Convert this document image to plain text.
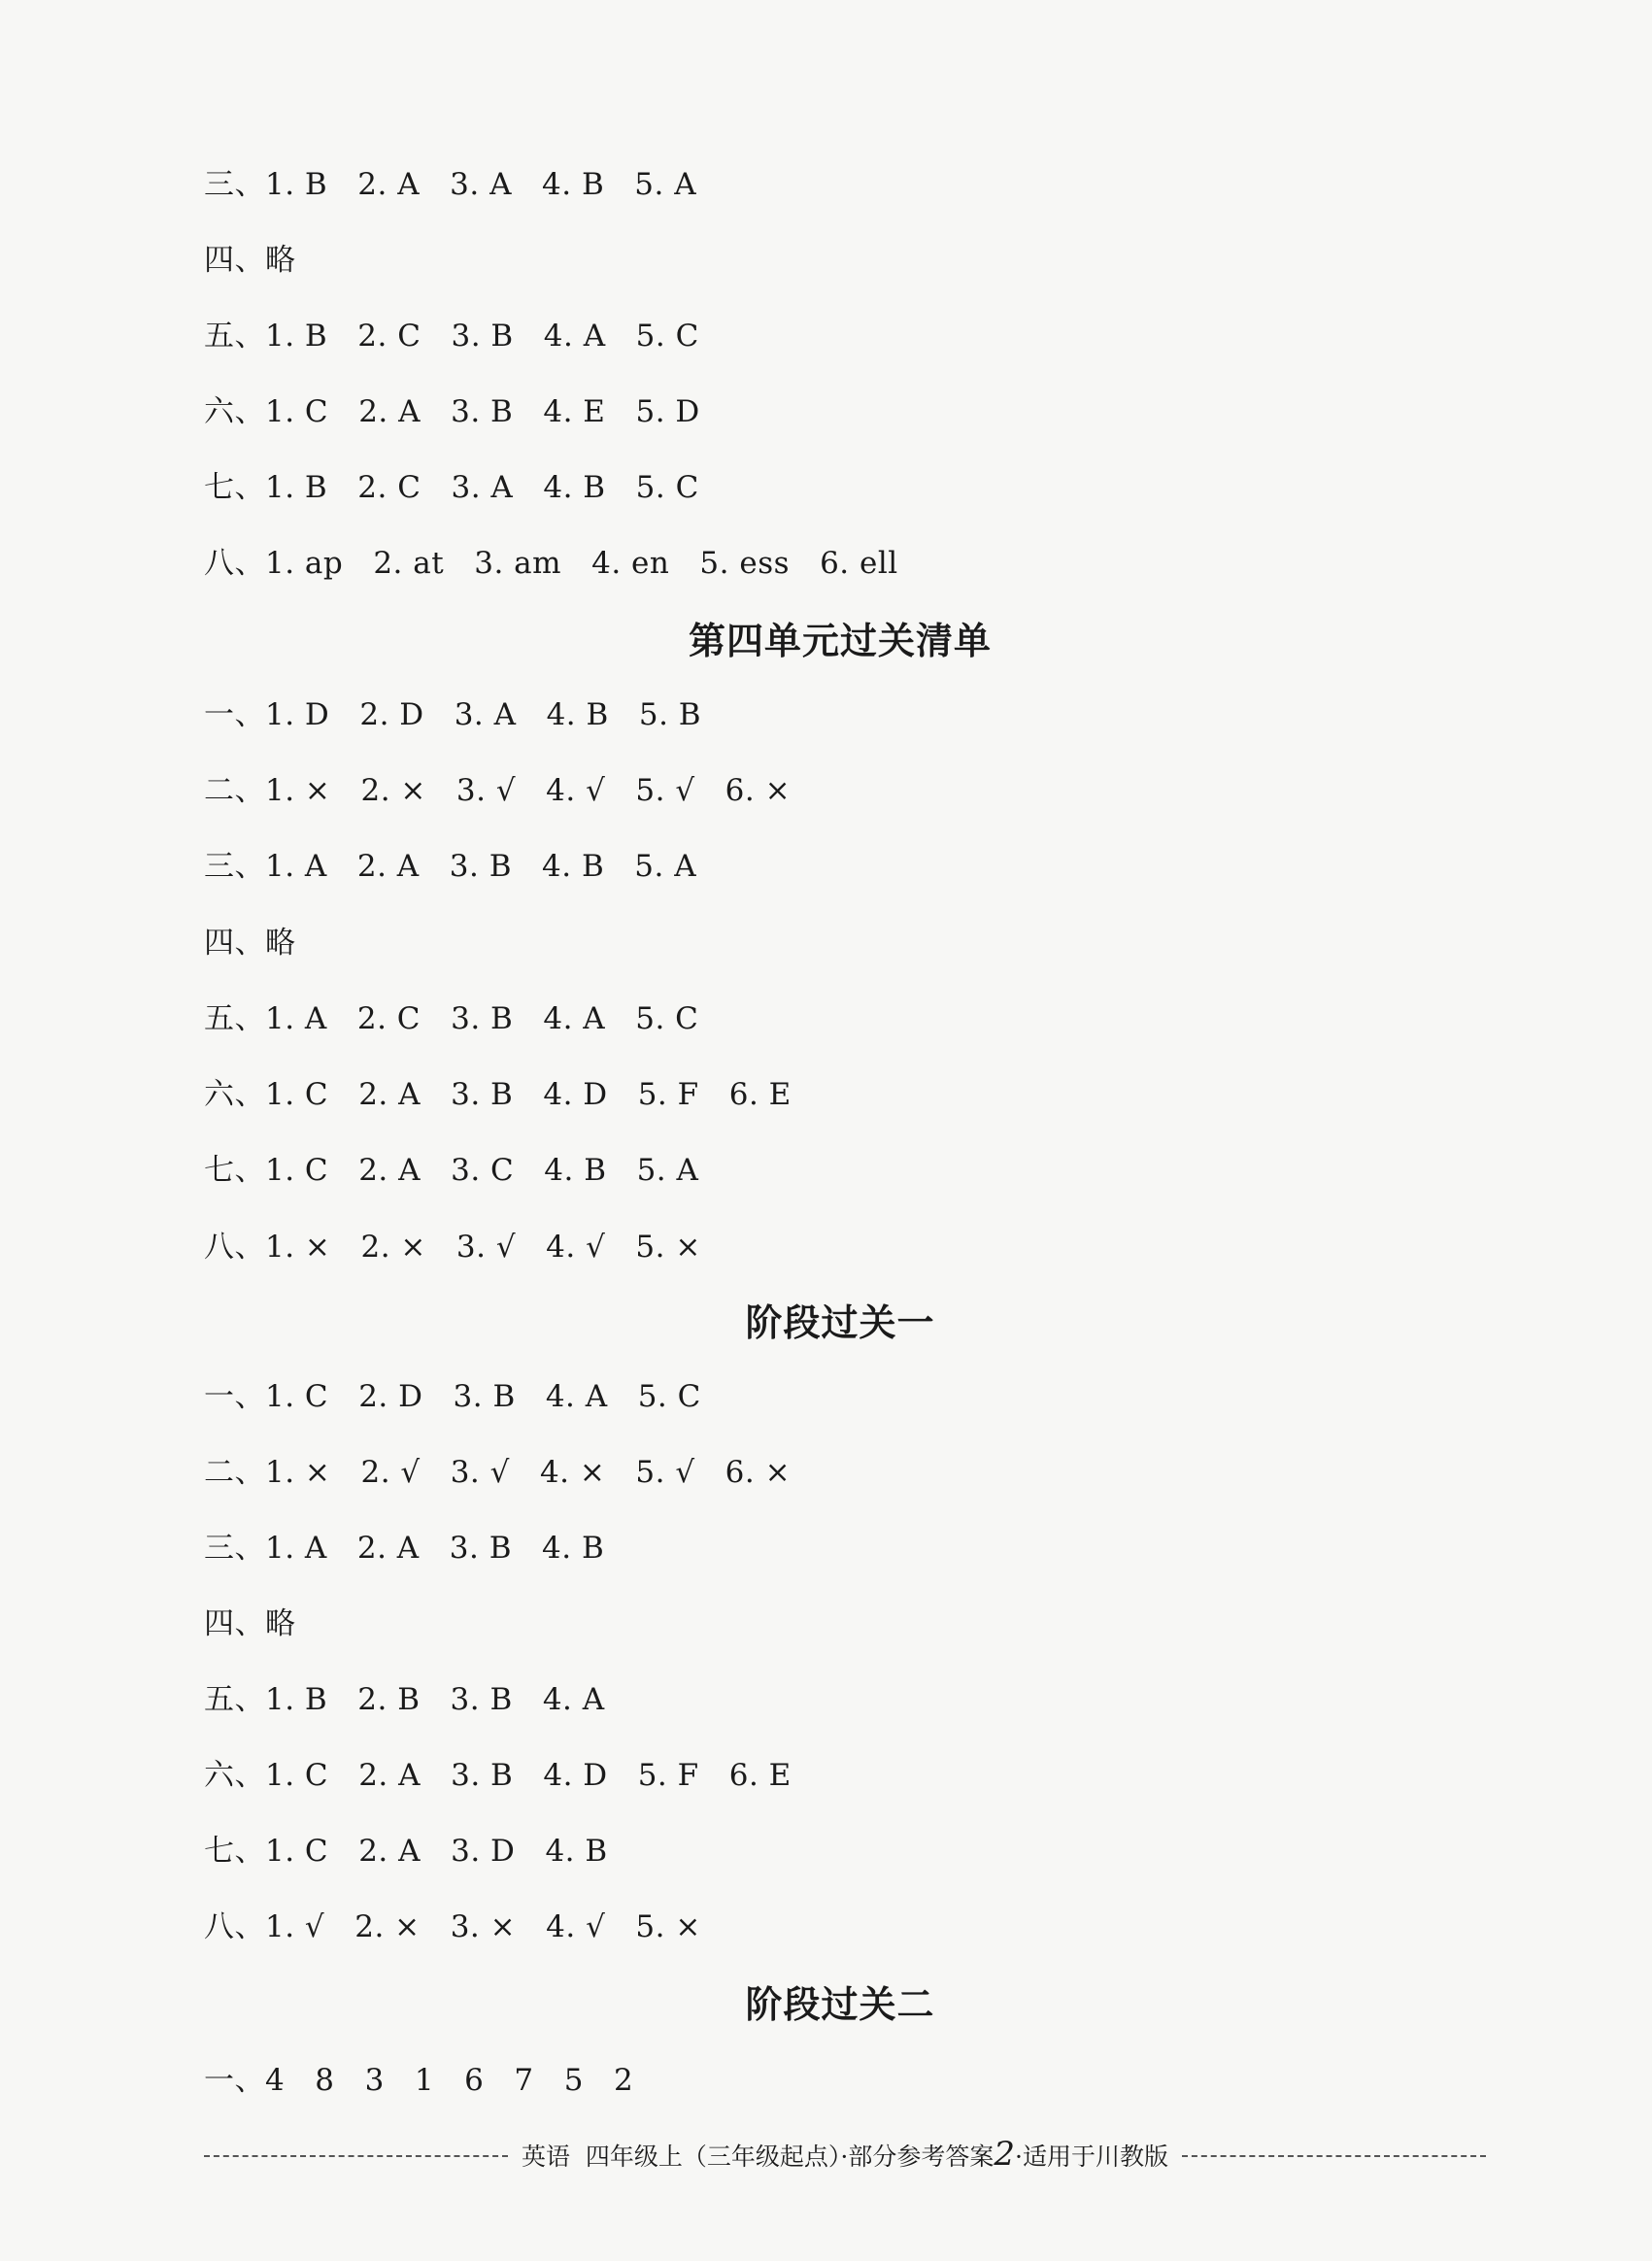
三、1. B   2. A   3. A   4. B   5. A
四、略
五、1. B   2. C   3. B   4. A   5. C
六、1. C   2. A   3. B   4. E   5. D
七、1. B   2. C   3. A   4. B   5. C
八、1. ap   2. at   3. am   4. en   5. ess   6. ell
第四单元过关清单
一、1. D   2. D   3. A   4. B   5. B
二、1. ×   2. ×   3. √   4. √   5. √   6. ×
三、1. A   2. A   3. B   4. B   5. A
四、略
五、1. A   2. C   3. B   4. A   5. C
六、1. C   2. A   3. B   4. D   5. F   6. E
七、1. C   2. A   3. C   4. B   5. A
八、1. ×   2. ×   3. √   4. √   5. ×
阶段过关一
一、1. C   2. D   3. B   4. A   5. C
二、1. ×   2. √   3. √   4. ×   5. √   6. ×
三、1. A   2. A   3. B   4. B
四、略
五、1. B   2. B   3. B   4. A
六、1. C   2. A   3. B   4. D   5. F   6. E
七、1. C   2. A   3. D   4. B
八、1. √   2. ×   3. ×   4. √   5. ×
阶段过关二
一、4   8   3   1   6   7   5   2
英语  四年级上（三年级起点）·部分参考答案2·适用于川教版
